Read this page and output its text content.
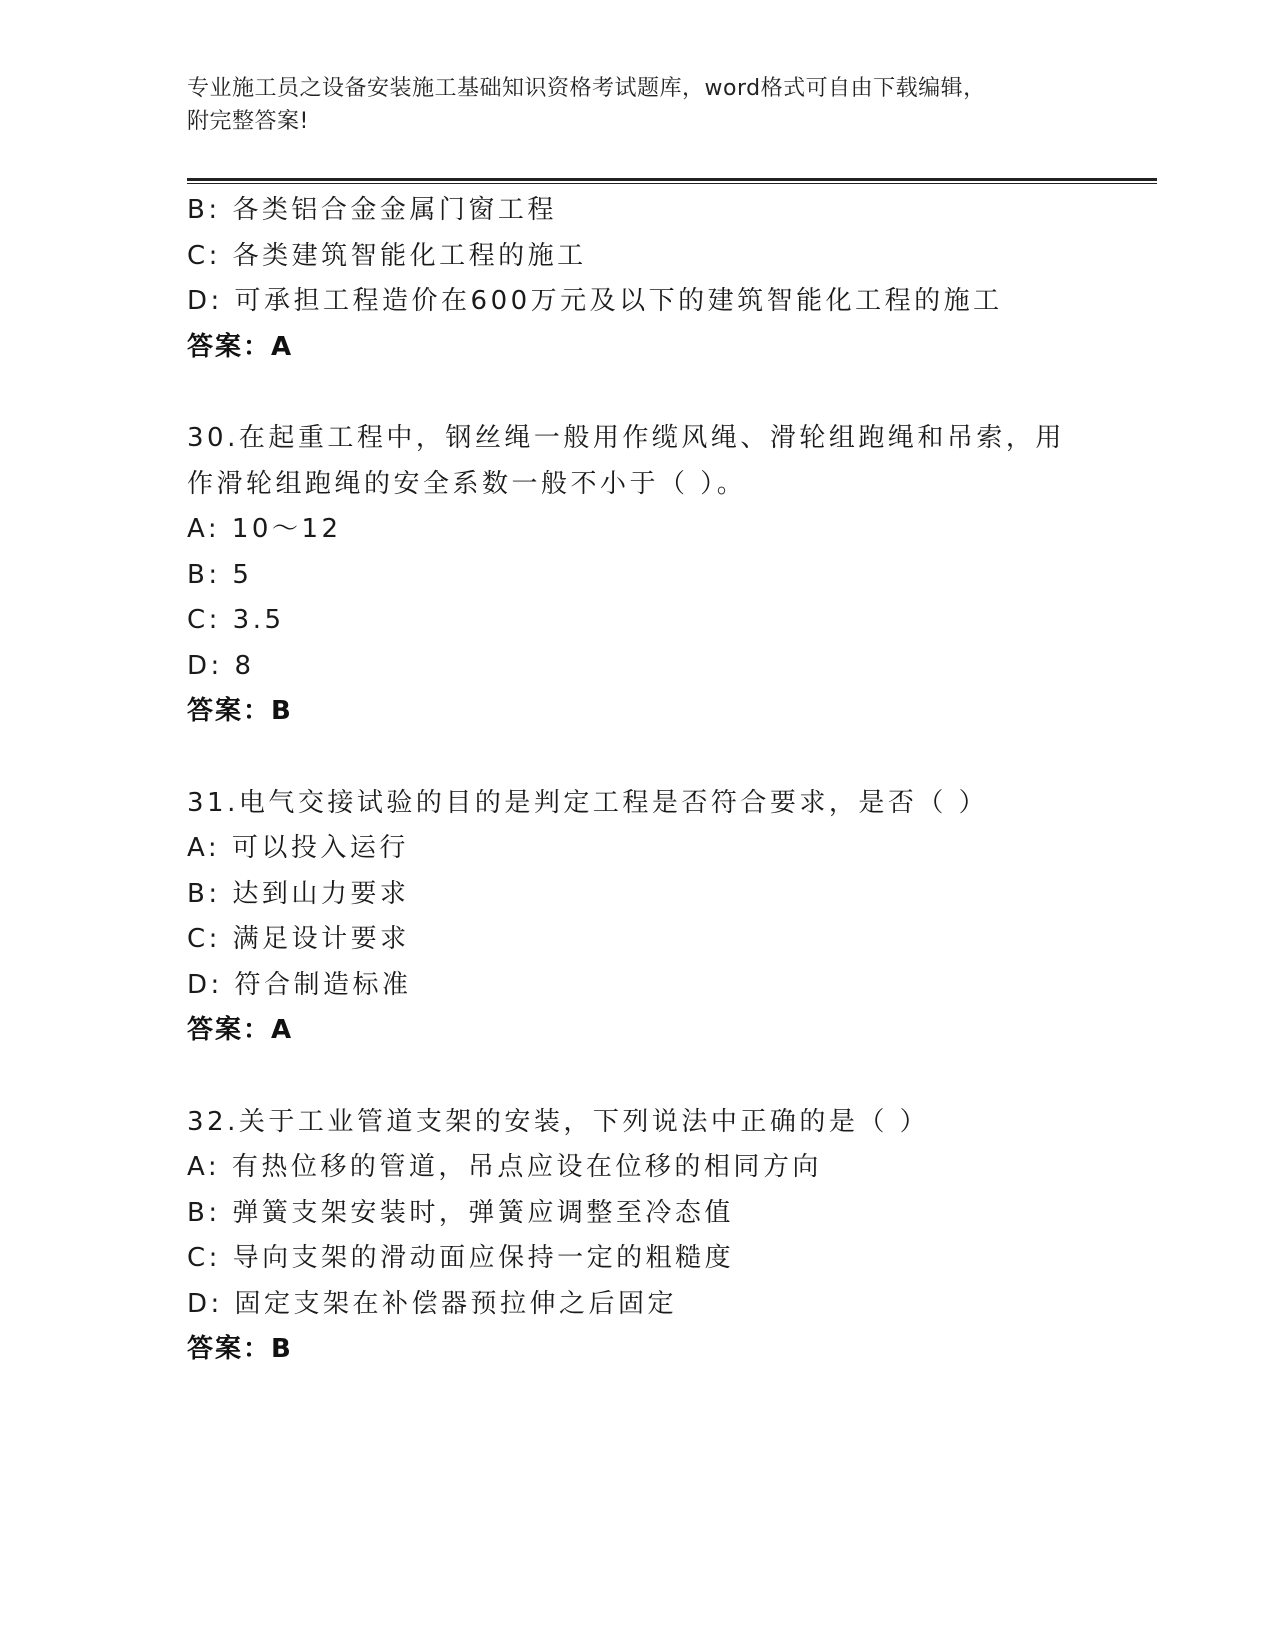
专业施工员之设备安装施工基础知识资格考试题库，word格式可自由下载编辑，
附完整答案!
B: 各类铝合金金属门窗工程
C: 各类建筑智能化工程的施工
D: 可承担工程造价在600万元及以下的建筑智能化工程的施工
答案：A
30.在起重工程中，钢丝绳一般用作缆风绳、滑轮组跑绳和吊索，用作滑轮组跑绳的安全系数一般不小于（ ）。
A: 10～12
B: 5
C: 3.5
D: 8
答案：B
31.电气交接试验的目的是判定工程是否符合要求，是否（ ）
A: 可以投入运行
B: 达到山力要求
C: 满足设计要求
D: 符合制造标准
答案：A
32.关于工业管道支架的安装，下列说法中正确的是（ ）
A: 有热位移的管道，吊点应设在位移的相同方向
B: 弹簧支架安装时，弹簧应调整至冷态值
C: 导向支架的滑动面应保持一定的粗糙度
D: 固定支架在补偿器预拉伸之后固定
答案：B
